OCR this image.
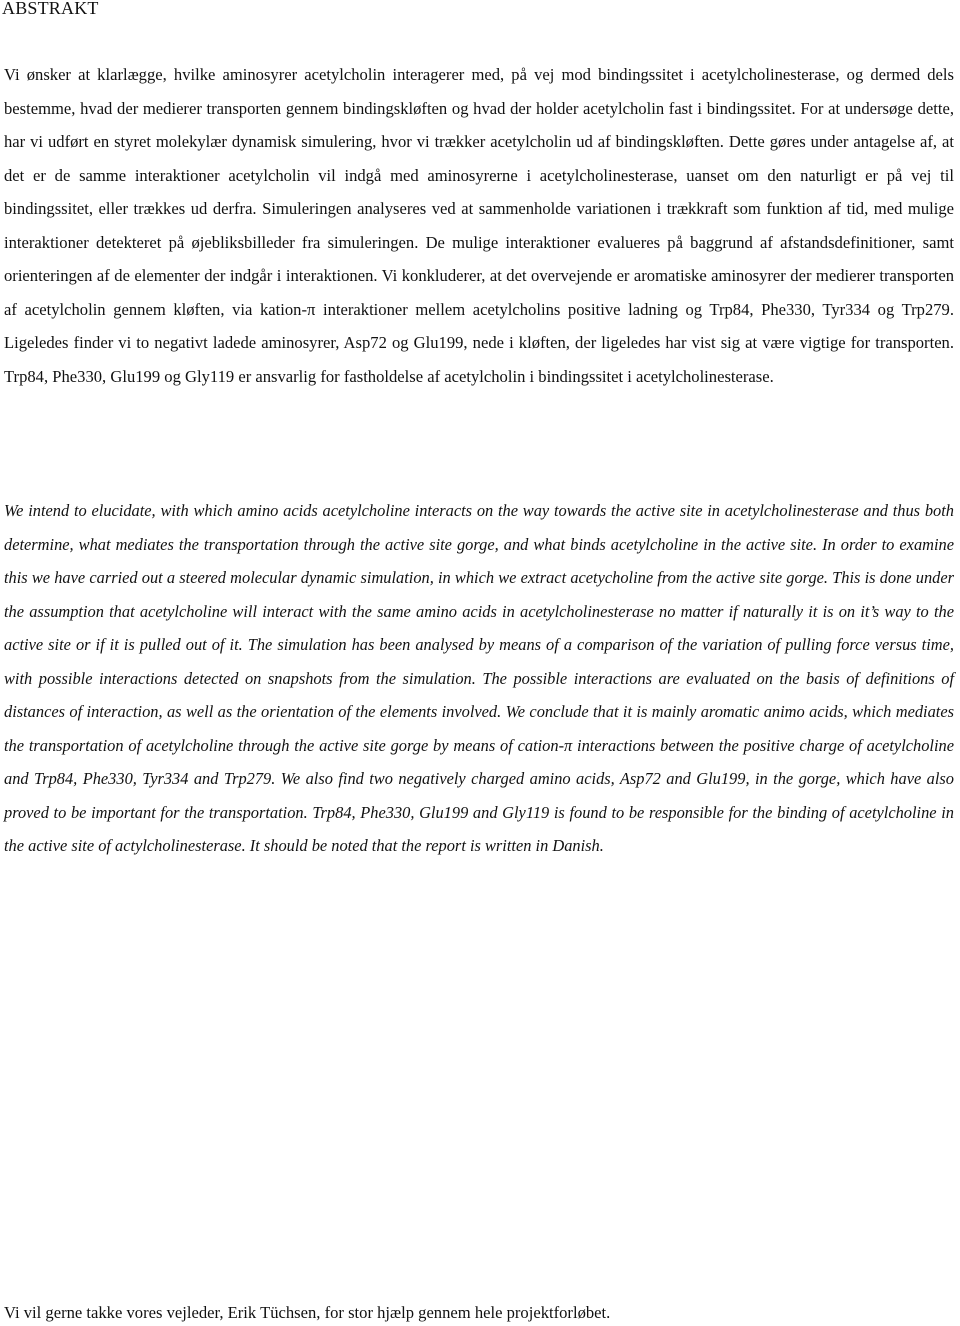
ABSTRAKT

Vi ønsker at klarlægge, hvilke aminosyrer acetylcholin interagerer med, på vej mod bindingssitet i acetylcholinesterase, og dermed dels bestemme, hvad der medierer transporten gennem bindingskløften og hvad der holder acetylcholin fast i bindingssitet. For at undersøge dette, har vi udført en styret molekylær dynamisk simulering, hvor vi trækker acetylcholin ud af bindingskløften. Dette gøres under antagelse af, at det er de samme interaktioner acetylcholin vil indgå med aminosyrerne i acetylcholinesterase, uanset om den naturligt er på vej til bindingssitet, eller trækkes ud derfra. Simuleringen analyseres ved at sammenholde variationen i trækkraft som funktion af tid, med mulige interaktioner detekteret på øjebliksbilleder fra simuleringen. De mulige interaktioner evalueres på baggrund af afstandsdefinitioner, samt orienteringen af de elementer der indgår i interaktionen. Vi konkluderer, at det overvejende er aromatiske aminosyrer der medierer transporten af acetylcholin gennem kløften, via kation-π interaktioner mellem acetylcholins positive ladning og Trp84, Phe330, Tyr334 og Trp279. Ligeledes finder vi to negativt ladede aminosyrer, Asp72 og Glu199, nede i kløften, der ligeledes har vist sig at være vigtige for transporten. Trp84, Phe330, Glu199 og Gly119 er ansvarlig for fastholdelse af acetylcholin i bindingssitet i acetylcholinesterase.

We intend to elucidate, with which amino acids acetylcholine interacts on the way towards the active site in acetylcholinesterase and thus both determine, what mediates the transportation through the active site gorge, and what binds acetylcholine in the active site. In order to examine this we have carried out a steered molecular dynamic simulation, in which we extract acetycholine from the active site gorge. This is done under the assumption that acetylcholine will interact with the same amino acids in acetylcholinesterase no matter if naturally it is on it’s way to the active site or if it is pulled out of it. The simulation has been analysed by means of a comparison of the variation of pulling force versus time, with possible interactions detected on snapshots from the simulation. The possible interactions are evaluated on the basis of definitions of distances of interaction, as well as the orientation of the elements involved. We conclude that it is mainly aromatic animo acids, which mediates the transportation of acetylcholine through the active site gorge by means of cation-π interactions between the positive charge of acetylcholine and Trp84, Phe330, Tyr334 and Trp279. We also find two negatively charged amino acids, Asp72 and Glu199, in the gorge, which have also proved to be important for the transportation. Trp84, Phe330, Glu199 and Gly119 is found to be responsible for the binding of acetylcholine in the active site of actylcholinesterase. It should be noted that the report is written in Danish.

Vi vil gerne takke vores vejleder, Erik Tüchsen, for stor hjælp gennem hele projektforløbet.
